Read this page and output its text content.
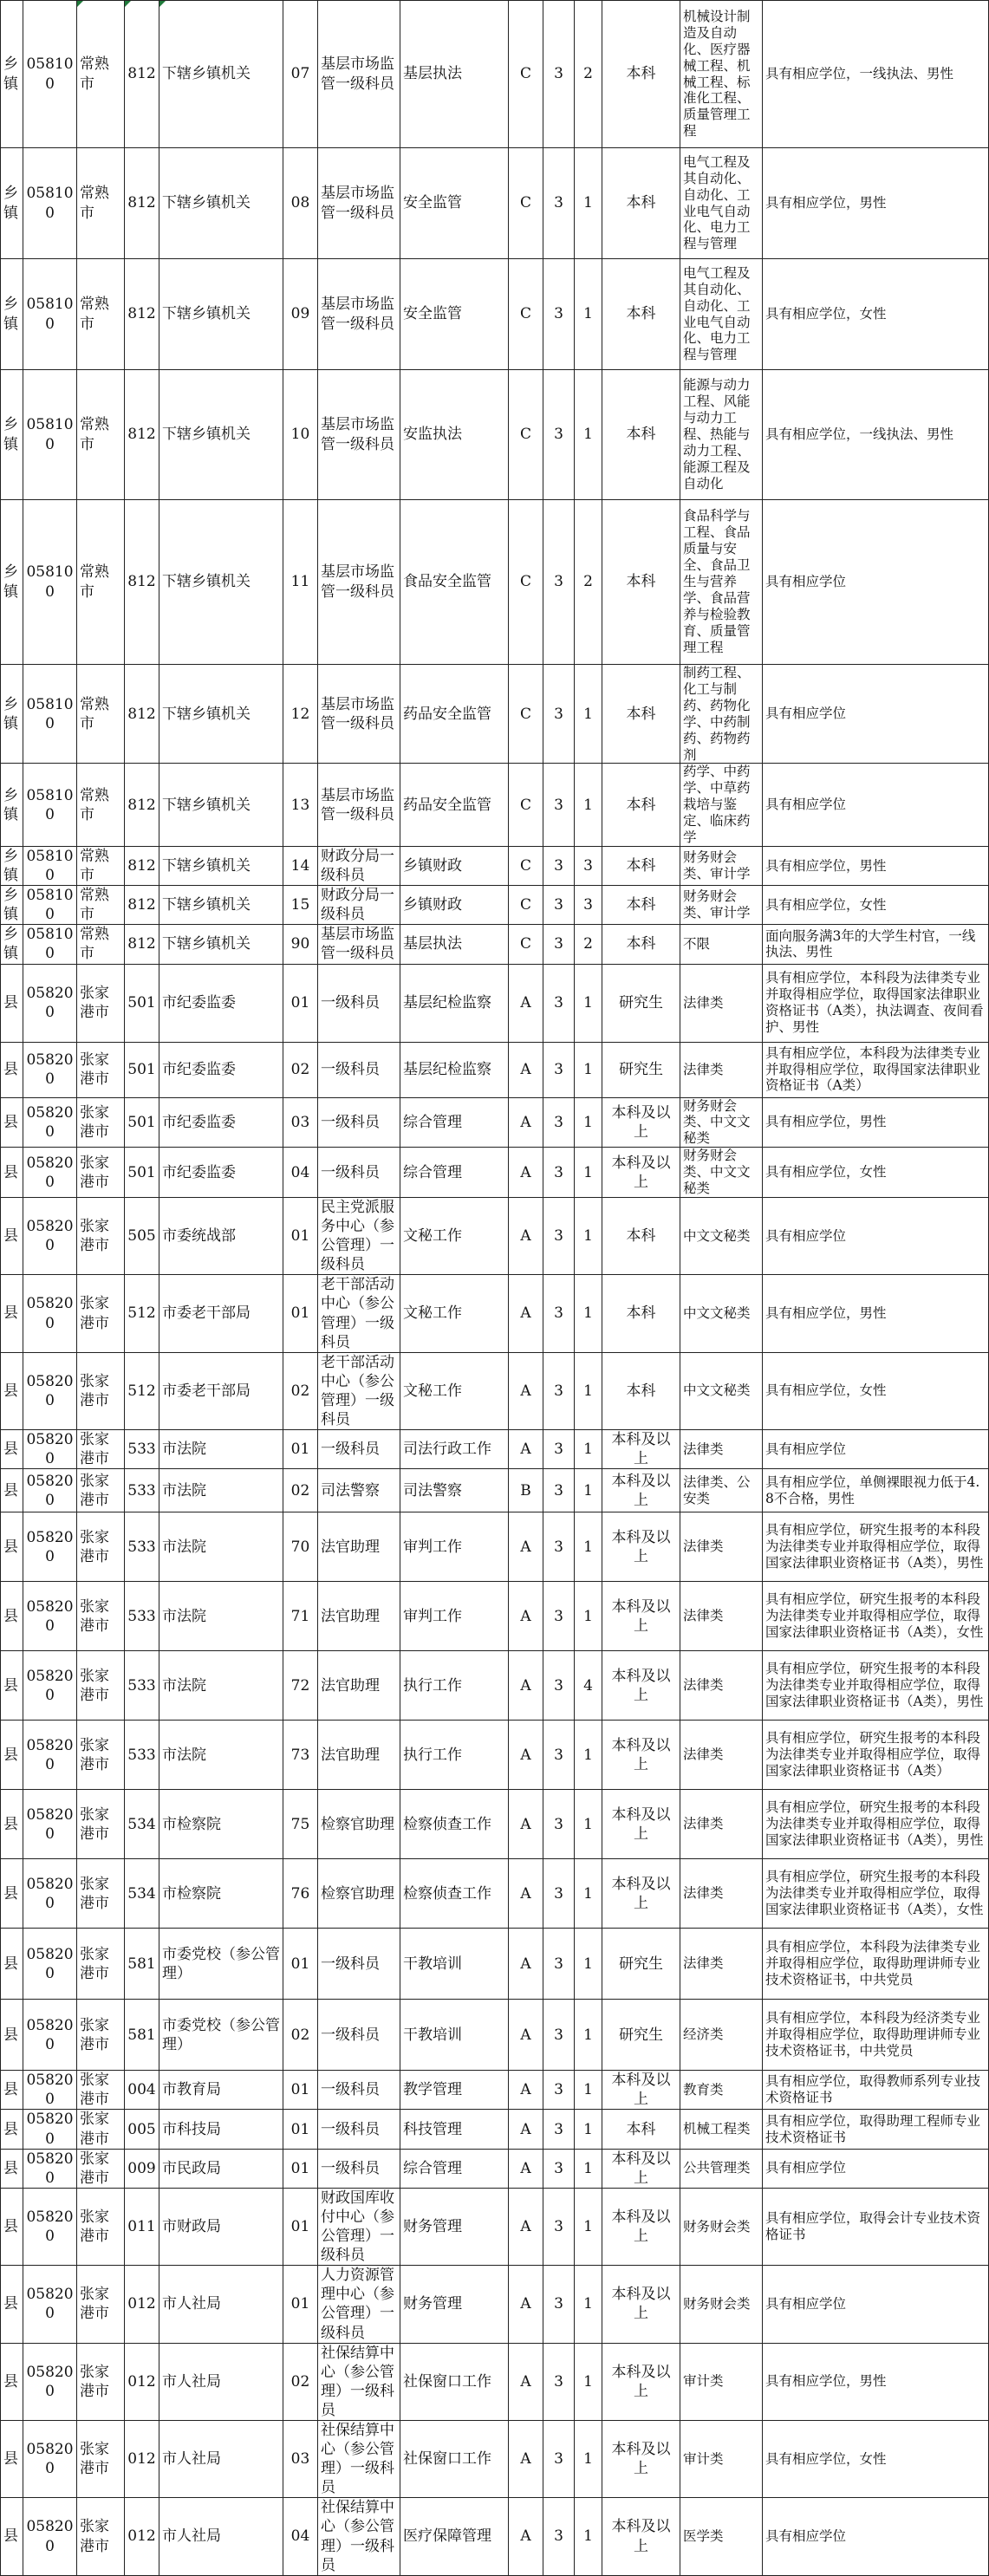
乡镇	058100	常熟市	812	下辖乡镇机关	07	基层市场监管一级科员	基层执法	C	3	2	本科	机械设计制造及自动化、医疗器械工程、机械工程、标准化工程、质量管理工程	具有相应学位，一线执法、男性
乡镇	058100	常熟市	812	下辖乡镇机关	08	基层市场监管一级科员	安全监管	C	3	1	本科	电气工程及其自动化、自动化、工业电气自动化、电力工程与管理	具有相应学位，男性
乡镇	058100	常熟市	812	下辖乡镇机关	09	基层市场监管一级科员	安全监管	C	3	1	本科	电气工程及其自动化、自动化、工业电气自动化、电力工程与管理	具有相应学位，女性
乡镇	058100	常熟市	812	下辖乡镇机关	10	基层市场监管一级科员	安监执法	C	3	1	本科	能源与动力工程、风能与动力工程、热能与动力工程、能源工程及自动化	具有相应学位，一线执法、男性
乡镇	058100	常熟市	812	下辖乡镇机关	11	基层市场监管一级科员	食品安全监管	C	3	2	本科	食品科学与工程、食品质量与安全、食品卫生与营养学、食品营养与检验教育、质量管理工程	具有相应学位
乡镇	058100	常熟市	812	下辖乡镇机关	12	基层市场监管一级科员	药品安全监管	C	3	1	本科	制药工程、化工与制药、药物化学、中药制药、药物药剂	具有相应学位
乡镇	058100	常熟市	812	下辖乡镇机关	13	基层市场监管一级科员	药品安全监管	C	3	1	本科	药学、中药学、中草药栽培与鉴定、临床药学	具有相应学位
乡镇	058100	常熟市	812	下辖乡镇机关	14	财政分局一级科员	乡镇财政	C	3	3	本科	财务财会类、审计学	具有相应学位，男性
乡镇	058100	常熟市	812	下辖乡镇机关	15	财政分局一级科员	乡镇财政	C	3	3	本科	财务财会类、审计学	具有相应学位，女性
乡镇	058100	常熟市	812	下辖乡镇机关	90	基层市场监管一级科员	基层执法	C	3	2	本科	不限	面向服务满3年的大学生村官，一线执法、男性
县	058200	张家港市	501	市纪委监委	01	一级科员	基层纪检监察	A	3	1	研究生	法律类	具有相应学位，本科段为法律类专业并取得相应学位，取得国家法律职业资格证书（A类），执法调查、夜间看护、男性
县	058200	张家港市	501	市纪委监委	02	一级科员	基层纪检监察	A	3	1	研究生	法律类	具有相应学位，本科段为法律类专业并取得相应学位，取得国家法律职业资格证书（A类）
县	058200	张家港市	501	市纪委监委	03	一级科员	综合管理	A	3	1	本科及以上	财务财会类、中文文秘类	具有相应学位，男性
县	058200	张家港市	501	市纪委监委	04	一级科员	综合管理	A	3	1	本科及以上	财务财会类、中文文秘类	具有相应学位，女性
县	058200	张家港市	505	市委统战部	01	民主党派服务中心（参公管理）一级科员	文秘工作	A	3	1	本科	中文文秘类	具有相应学位
县	058200	张家港市	512	市委老干部局	01	老干部活动中心（参公管理）一级科员	文秘工作	A	3	1	本科	中文文秘类	具有相应学位，男性
县	058200	张家港市	512	市委老干部局	02	老干部活动中心（参公管理）一级科员	文秘工作	A	3	1	本科	中文文秘类	具有相应学位，女性
县	058200	张家港市	533	市法院	01	一级科员	司法行政工作	A	3	1	本科及以上	法律类	具有相应学位
县	058200	张家港市	533	市法院	02	司法警察	司法警察	B	3	1	本科及以上	法律类、公安类	具有相应学位，单侧裸眼视力低于4.8不合格，男性
县	058200	张家港市	533	市法院	70	法官助理	审判工作	A	3	1	本科及以上	法律类	具有相应学位，研究生报考的本科段为法律类专业并取得相应学位，取得国家法律职业资格证书（A类），男性
县	058200	张家港市	533	市法院	71	法官助理	审判工作	A	3	1	本科及以上	法律类	具有相应学位，研究生报考的本科段为法律类专业并取得相应学位，取得国家法律职业资格证书（A类），女性
县	058200	张家港市	533	市法院	72	法官助理	执行工作	A	3	4	本科及以上	法律类	具有相应学位，研究生报考的本科段为法律类专业并取得相应学位，取得国家法律职业资格证书（A类），男性
县	058200	张家港市	533	市法院	73	法官助理	执行工作	A	3	1	本科及以上	法律类	具有相应学位，研究生报考的本科段为法律类专业并取得相应学位，取得国家法律职业资格证书（A类）
县	058200	张家港市	534	市检察院	75	检察官助理	检察侦查工作	A	3	1	本科及以上	法律类	具有相应学位，研究生报考的本科段为法律类专业并取得相应学位，取得国家法律职业资格证书（A类），男性
县	058200	张家港市	534	市检察院	76	检察官助理	检察侦查工作	A	3	1	本科及以上	法律类	具有相应学位，研究生报考的本科段为法律类专业并取得相应学位，取得国家法律职业资格证书（A类），女性
县	058200	张家港市	581	市委党校（参公管理）	01	一级科员	干教培训	A	3	1	研究生	法律类	具有相应学位，本科段为法律类专业并取得相应学位，取得助理讲师专业技术资格证书，中共党员
县	058200	张家港市	581	市委党校（参公管理）	02	一级科员	干教培训	A	3	1	研究生	经济类	具有相应学位，本科段为经济类专业并取得相应学位，取得助理讲师专业技术资格证书，中共党员
县	058200	张家港市	004	市教育局	01	一级科员	教学管理	A	3	1	本科及以上	教育类	具有相应学位，取得教师系列专业技术资格证书
县	058200	张家港市	005	市科技局	01	一级科员	科技管理	A	3	1	本科	机械工程类	具有相应学位，取得助理工程师专业技术资格证书
县	058200	张家港市	009	市民政局	01	一级科员	综合管理	A	3	1	本科及以上	公共管理类	具有相应学位
县	058200	张家港市	011	市财政局	01	财政国库收付中心（参公管理）一级科员	财务管理	A	3	1	本科及以上	财务财会类	具有相应学位，取得会计专业技术资格证书
县	058200	张家港市	012	市人社局	01	人力资源管理中心（参公管理）一级科员	财务管理	A	3	1	本科及以上	财务财会类	具有相应学位
县	058200	张家港市	012	市人社局	02	社保结算中心（参公管理）一级科员	社保窗口工作	A	3	1	本科及以上	审计类	具有相应学位，男性
县	058200	张家港市	012	市人社局	03	社保结算中心（参公管理）一级科员	社保窗口工作	A	3	1	本科及以上	审计类	具有相应学位，女性
县	058200	张家港市	012	市人社局	04	社保结算中心（参公管理）一级科员	医疗保障管理	A	3	1	本科及以上	医学类	具有相应学位
